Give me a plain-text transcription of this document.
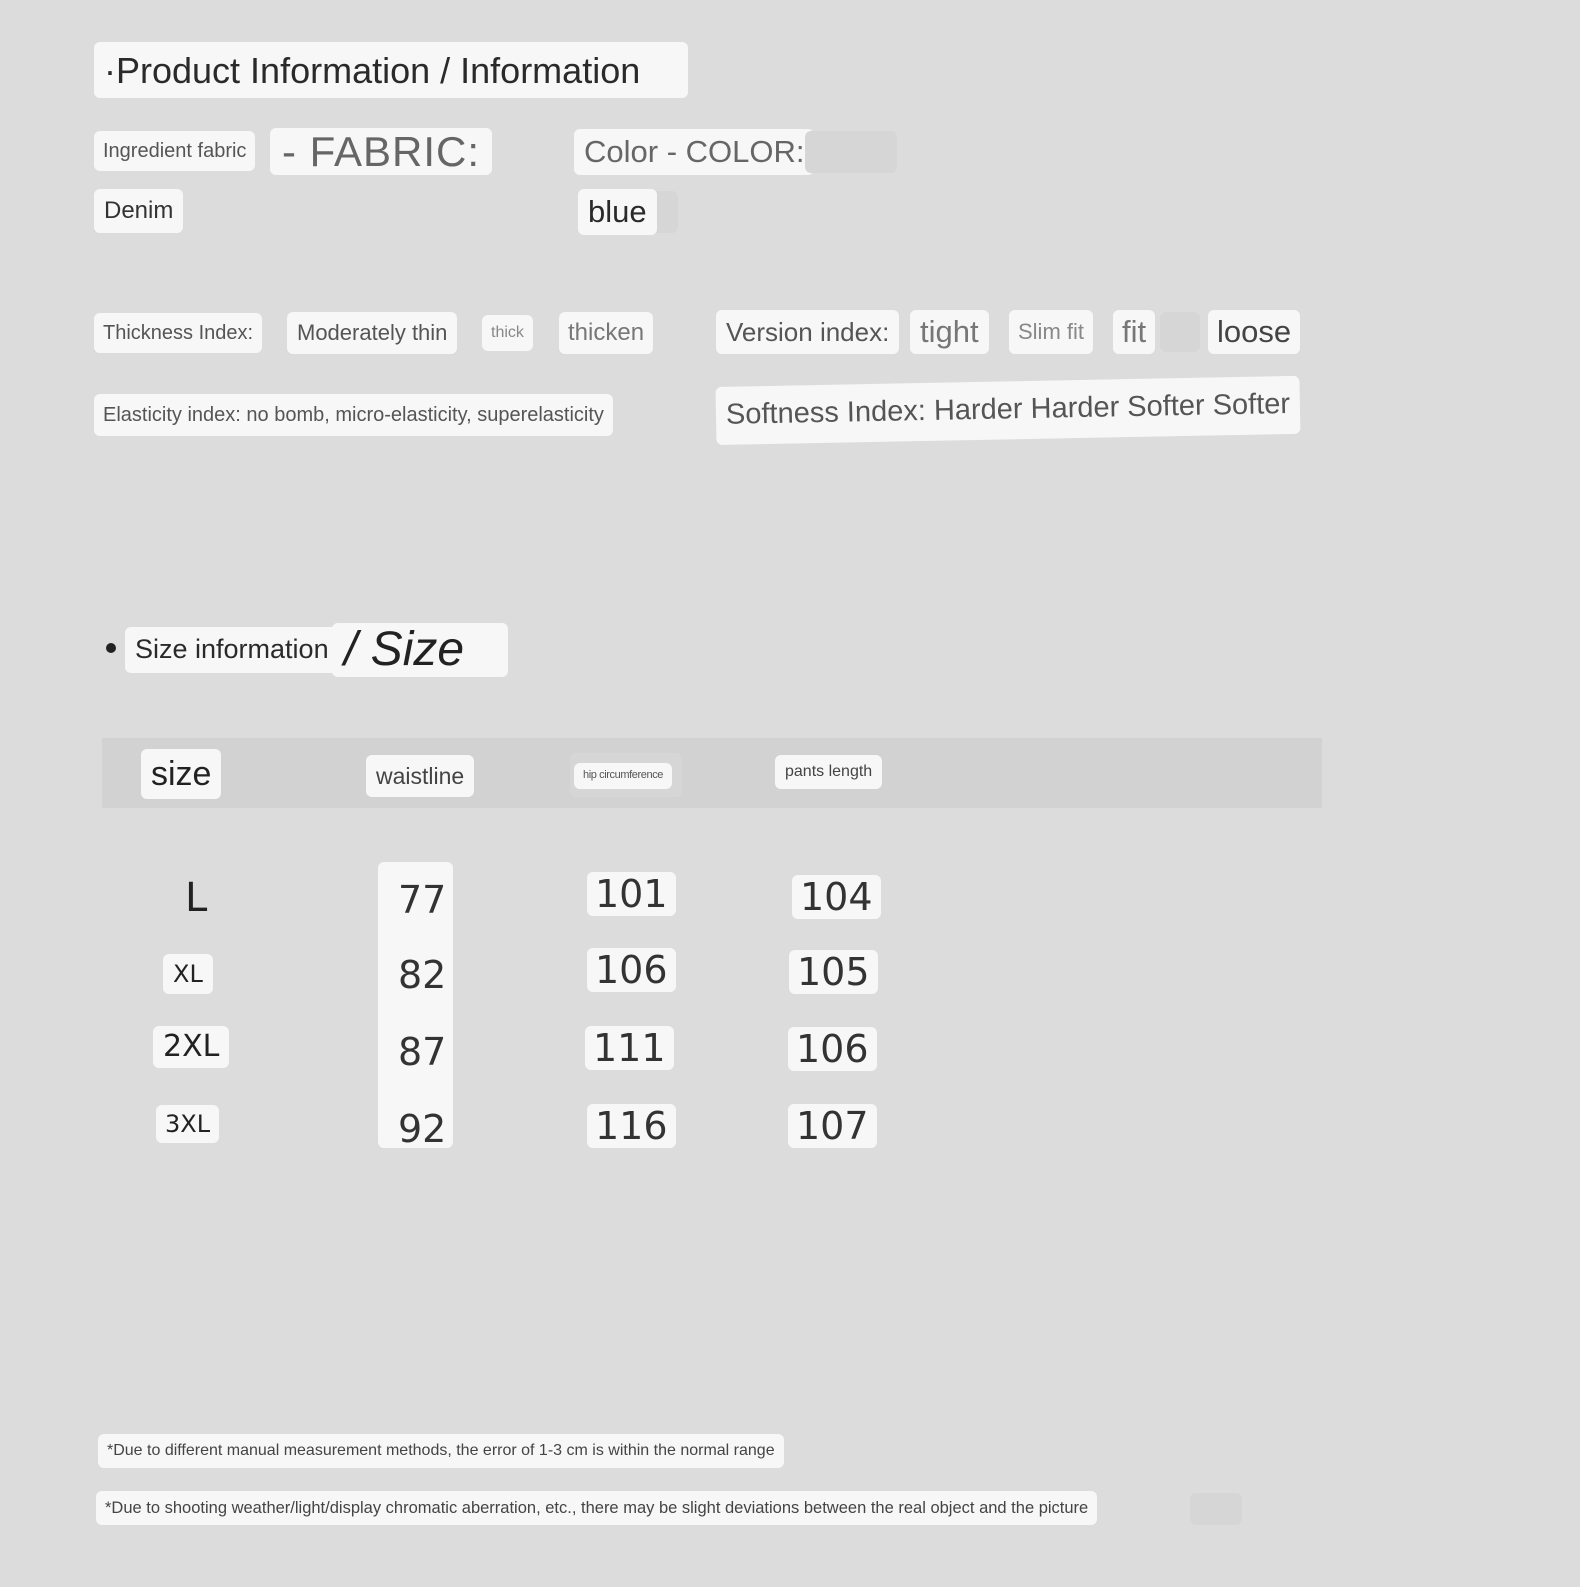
·Product Information / Information
Ingredient fabric - FABRIC:	Color - COLOR:
Denim	blue
Thickness Index:	Moderately thin	thick	thicken	Version index: tight	Slim fit fit loose
Elasticity index: no bomb, micro-elasticity, superelasticity	Softness Index: Harder Harder Softer Softer
Size information / Size
size	waistline	hip circumference	pants length
L	77	101	104
XL	82	106	105
2XL	87	111	106
3XL	92	116	107
*Due to different manual measurement methods, the error of 1-3 cm is within the normal range
*Due to shooting weather/light/display chromatic aberration, etc., there may be slight deviations between the real object and the picture
